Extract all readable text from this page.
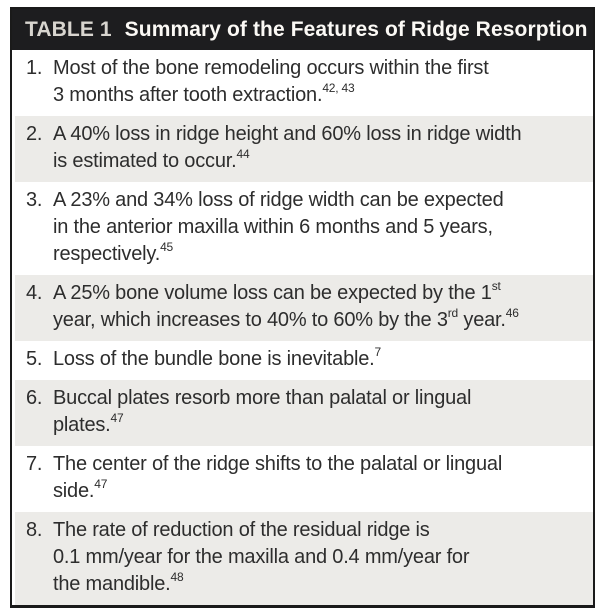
TABLE 1 Summary of the Features of Ridge Resorption
1. Most of the bone remodeling occurs within the first
3 months after tooth extraction.$^{42, 43}$
2. A 40% loss in ridge height and 60% loss in ridge width
is estimated to occur.$^{44}$
3. A 23% and 34% loss of ridge width can be expected
in the anterior maxilla within 6 months and 5 years,
respectively.$^{45}$
4. A 25% bone volume loss can be expected by the 1st
year, which increases to 40% to 60% by the 3rd year.$^{46}$
5. Loss of the bundle bone is inevitable.$^7$
6. Buccal plates resorb more than palatal or lingual
plates.$^{47}$
7. The center of the ridge shifts to the palatal or lingual
side.$^{47}$
8. The rate of reduction of the residual ridge is
0.1 mm/year for the maxilla and 0.4 mm/year for
the mandible.$^{48}$
